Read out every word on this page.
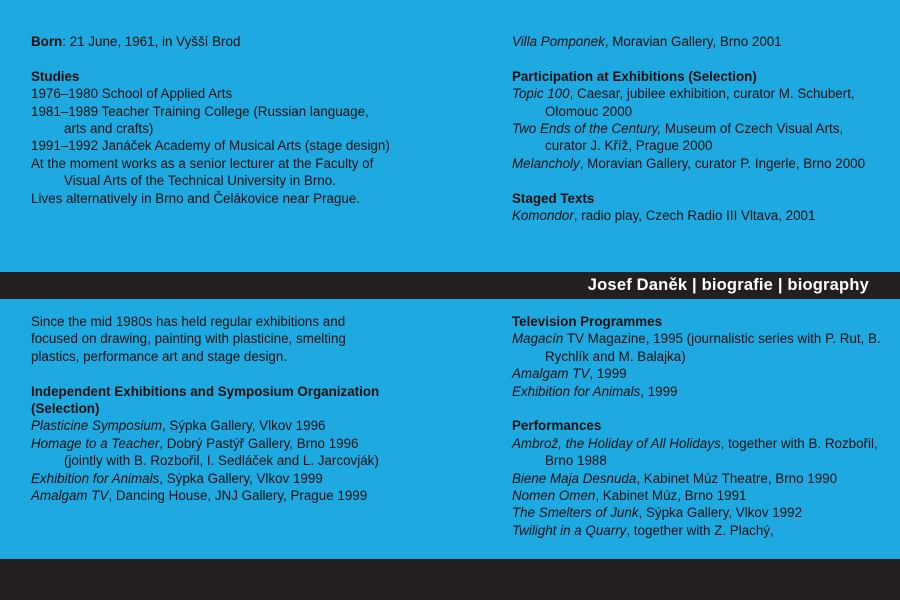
Born: 21 June, 1961, in Vyšší Brod

Studies

1976–1980 School of Applied Arts

1981–1989 Teacher Training College (Russian language, arts and crafts)

1991–1992 Janáček Academy of Musical Arts (stage design)

At the moment works as a senior lecturer at the Faculty of Visual Arts of the Technical University in Brno.

Lives alternatively in Brno and Čelákovice near Prague.

Villa Pomponek, Moravian Gallery, Brno 2001

Participation at Exhibitions (Selection)

Topic 100, Caesar, jubilee exhibition, curator M. Schubert, Olomouc 2000

Two Ends of the Century, Museum of Czech Visual Arts, curator J. Kříž, Prague 2000

Melancholy, Moravian Gallery, curator P. Ingerle, Brno 2000

Staged Texts

Komondor, radio play, Czech Radio III Vltava, 2001

Josef Daněk | biografie | biography

Since the mid 1980s has held regular exhibitions and focused on drawing, painting with plasticine, smelting plastics, performance art and stage design.

Independent Exhibitions and Symposium Organization (Selection)

Plasticine Symposium, Sýpka Gallery, Vlkov 1996

Homage to a Teacher, Dobrý Pastýř Gallery, Brno 1996 (jointly with B. Rozbořil, I. Sedláček and L. Jarcovják)

Exhibition for Animals, Sýpka Gallery, Vlkov 1999

Amalgam TV, Dancing House, JNJ Gallery, Prague 1999

Television Programmes

Magacín TV Magazine, 1995 (journalistic series with P. Rut, B. Rychlík and M. Balajka)

Amalgam TV, 1999

Exhibition for Animals, 1999

Performances

Ambrož, the Holiday of All Holidays, together with B. Rozbořil, Brno 1988

Biene Maja Desnuda, Kabinet Múz Theatre, Brno 1990

Nomen Omen, Kabinet Múz, Brno 1991

The Smelters of Junk, Sýpka Gallery, Vlkov 1992

Twilight in a Quarry, together with Z. Plachý,
